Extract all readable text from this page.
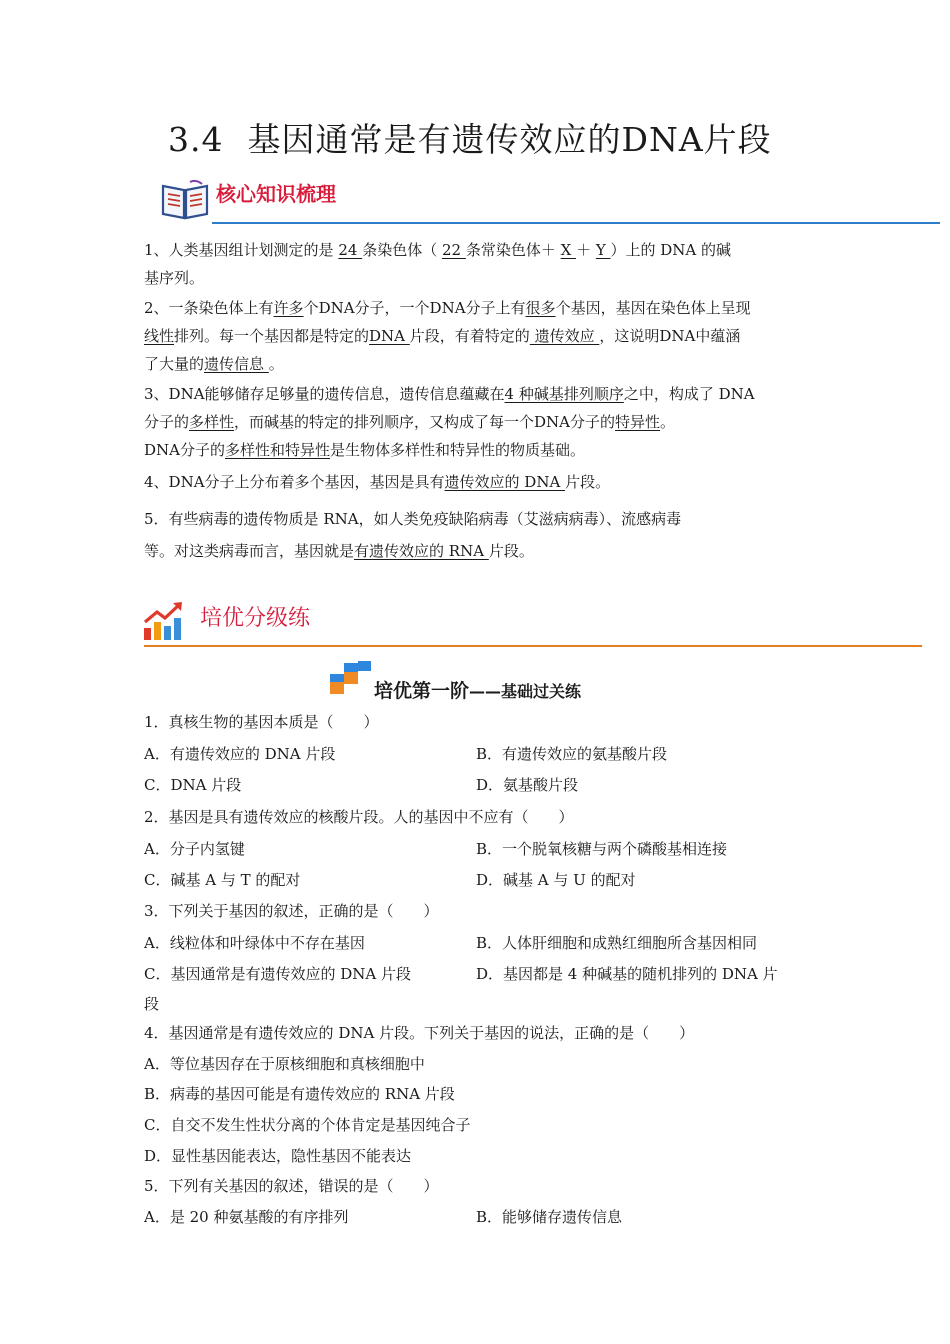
3.4 基因通常是有遗传效应的DNA片段
核心知识梳理
1、人类基因组计划测定的是 24 条染色体（ 22 条常染色体＋ X ＋ Y ）上的 DNA 的碱
基序列。
2、一条染色体上有许多个DNA分子，一个DNA分子上有很多个基因，基因在染色体上呈现
线性排列。每一个基因都是特定的DNA 片段，有着特定的 遗传效应 ，这说明DNA中蕴涵
了大量的遗传信息 。
3、DNA能够储存足够量的遗传信息，遗传信息蕴藏在4 种碱基排列顺序之中，构成了 DNA
分子的多样性，而碱基的特定的排列顺序，又构成了每一个DNA分子的特异性。
DNA分子的多样性和特异性是生物体多样性和特异性的物质基础。
4、DNA分子上分布着多个基因，基因是具有遗传效应的 DNA 片段。
5．有些病毒的遗传物质是 RNA，如人类免疫缺陷病毒（艾滋病病毒）、流感病毒
等。对这类病毒而言，基因就是有遗传效应的 RNA 片段。
培优分级练
培优第一阶——基础过关练
1．真核生物的基因本质是（　　）
A．有遗传效应的 DNA 片段	B．有遗传效应的氨基酸片段
C．DNA 片段	D．氨基酸片段
2．基因是具有遗传效应的核酸片段。人的基因中不应有（　　）
A．分子内氢键	B．一个脱氧核糖与两个磷酸基相连接
C．碱基 A 与 T 的配对	D．碱基 A 与 U 的配对
3．下列关于基因的叙述，正确的是（　　）
A．线粒体和叶绿体中不存在基因	B．人体肝细胞和成熟红细胞所含基因相同
C．基因通常是有遗传效应的 DNA 片段	D．基因都是 4 种碱基的随机排列的 DNA 片
段
4．基因通常是有遗传效应的 DNA 片段。下列关于基因的说法，正确的是（　　）
A．等位基因存在于原核细胞和真核细胞中
B．病毒的基因可能是有遗传效应的 RNA 片段
C．自交不发生性状分离的个体肯定是基因纯合子
D．显性基因能表达，隐性基因不能表达
5．下列有关基因的叙述，错误的是（　　）
A．是 20 种氨基酸的有序排列	B．能够储存遗传信息
